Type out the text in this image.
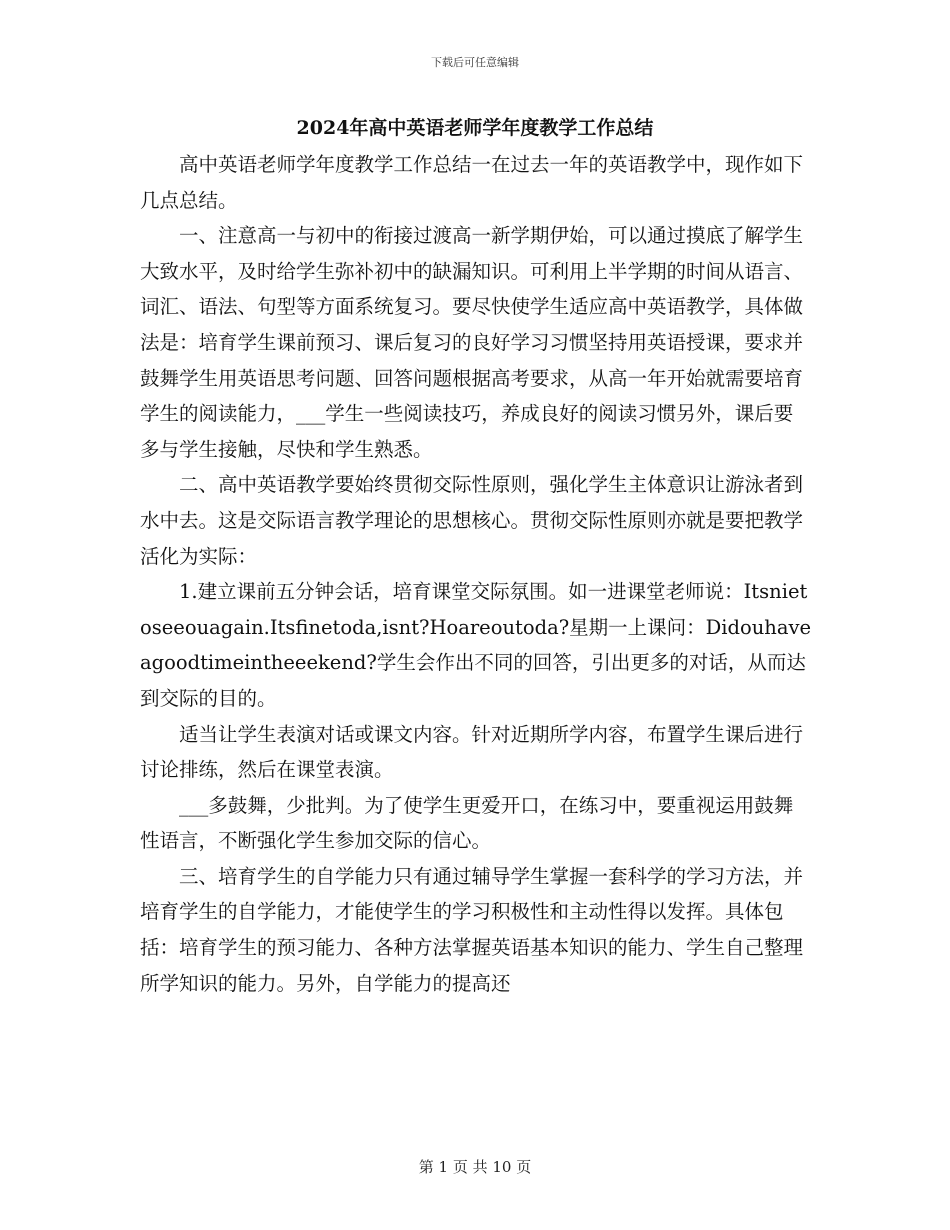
下载后可任意编辑
2024年高中英语老师学年度教学工作总结

高中英语老师学年度教学工作总结一在过去一年的英语教学中，现作如下几点总结。

一、注意高一与初中的衔接过渡高一新学期伊始，可以通过摸底了解学生大致水平，及时给学生弥补初中的缺漏知识。可利用上半学期的时间从语言、词汇、语法、句型等方面系统复习。要尽快使学生适应高中英语教学，具体做法是：培育学生课前预习、课后复习的良好学习习惯坚持用英语授课，要求并鼓舞学生用英语思考问题、回答问题根据高考要求，从高一年开始就需要培育学生的阅读能力，___学生一些阅读技巧，养成良好的阅读习惯另外，课后要多与学生接触，尽快和学生熟悉。

二、高中英语教学要始终贯彻交际性原则，强化学生主体意识让游泳者到水中去。这是交际语言教学理论的思想核心。贯彻交际性原则亦就是要把教学活化为实际：

1.建立课前五分钟会话，培育课堂交际氛围。如一进课堂老师说：Itsnietoseeouagain.Itsfinetoda,isnt?Hoareoutoda?星期一上课问：Didouhaveagoodtimeintheeekend?学生会作出不同的回答，引出更多的对话，从而达到交际的目的。

适当让学生表演对话或课文内容。针对近期所学内容，布置学生课后进行讨论排练，然后在课堂表演。

___多鼓舞，少批判。为了使学生更爱开口，在练习中，要重视运用鼓舞性语言，不断强化学生参加交际的信心。

三、培育学生的自学能力只有通过辅导学生掌握一套科学的学习方法，并培育学生的自学能力，才能使学生的学习积极性和主动性得以发挥。具体包括：培育学生的预习能力、各种方法掌握英语基本知识的能力、学生自己整理所学知识的能力。另外，自学能力的提高还

第 1 页 共 10 页
